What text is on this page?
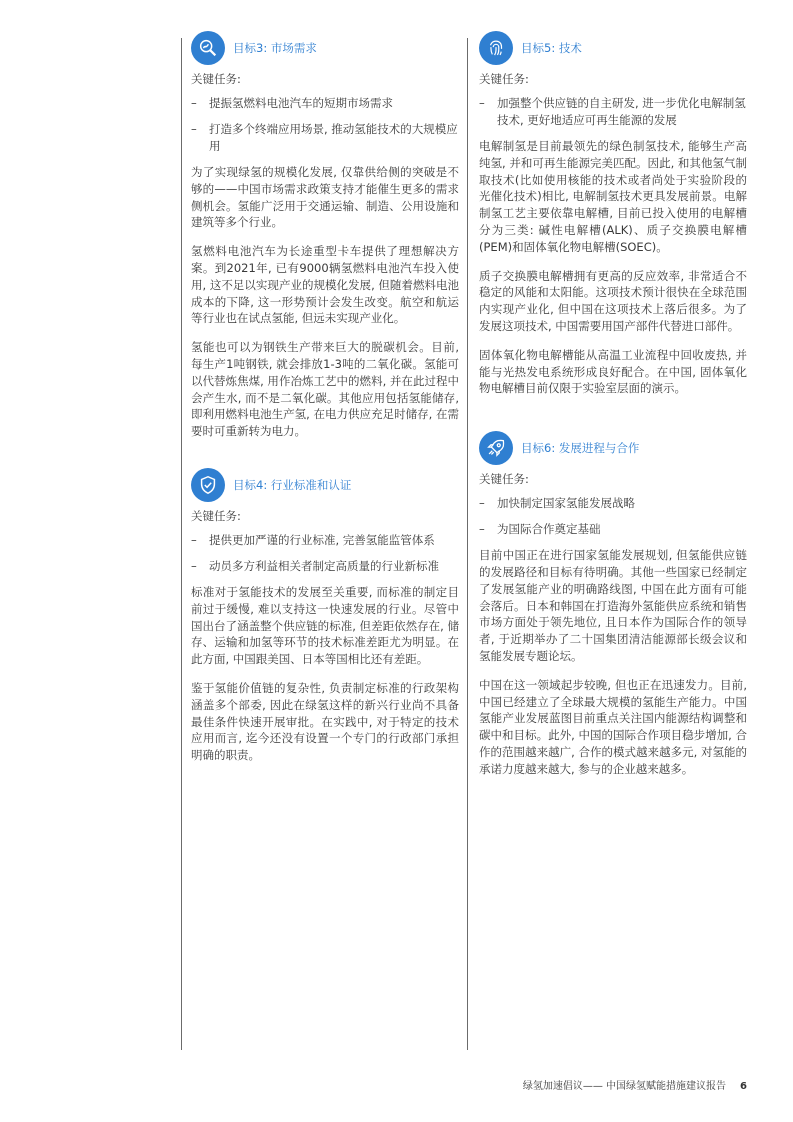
目标3: 市场需求
关键任务:
– 提振氢燃料电池汽车的短期市场需求
– 打造多个终端应用场景, 推动氢能技术的大规模应用

为了实现绿氢的规模化发展, 仅靠供给侧的突破是不够的——中国市场需求政策支持才能催生更多的需求侧机会。氢能广泛用于交通运输、制造、公用设施和建筑等多个行业。

氢燃料电池汽车为长途重型卡车提供了理想解决方案。到2021年, 已有9000辆氢燃料电池汽车投入使用, 这不足以实现产业的规模化发展, 但随着燃料电池成本的下降, 这一形势预计会发生改变。航空和航运等行业也在试点氢能, 但远未实现产业化。

氢能也可以为钢铁生产带来巨大的脱碳机会。目前, 每生产1吨钢铁, 就会排放1-3吨的二氧化碳。氢能可以代替炼焦煤, 用作冶炼工艺中的燃料, 并在此过程中会产生水, 而不是二氧化碳。其他应用包括氢能储存, 即利用燃料电池生产氢, 在电力供应充足时储存, 在需要时可重新转为电力。

目标4: 行业标准和认证
关键任务:
– 提供更加严谨的行业标准, 完善氢能监管体系
– 动员多方利益相关者制定高质量的行业新标准

标准对于氢能技术的发展至关重要, 而标准的制定目前过于缓慢, 难以支持这一快速发展的行业。尽管中国出台了涵盖整个供应链的标准, 但差距依然存在, 储存、运输和加氢等环节的技术标准差距尤为明显。在此方面, 中国跟美国、日本等国相比还有差距。

鉴于氢能价值链的复杂性, 负责制定标准的行政架构涵盖多个部委, 因此在绿氢这样的新兴行业尚不具备最佳条件快速开展审批。在实践中, 对于特定的技术应用而言, 迄今还没有设置一个专门的行政部门承担明确的职责。

目标5: 技术
关键任务:
– 加强整个供应链的自主研发, 进一步优化电解制氢技术, 更好地适应可再生能源的发展

电解制氢是目前最领先的绿色制氢技术, 能够生产高纯氢, 并和可再生能源完美匹配。因此, 和其他氢气制取技术(比如使用核能的技术或者尚处于实验阶段的光催化技术)相比, 电解制氢技术更具发展前景。电解制氢工艺主要依靠电解槽, 目前已投入使用的电解槽分为三类: 碱性电解槽(ALK)、质子交换膜电解槽(PEM)和固体氧化物电解槽(SOEC)。

质子交换膜电解槽拥有更高的反应效率, 非常适合不稳定的风能和太阳能。这项技术预计很快在全球范围内实现产业化, 但中国在这项技术上落后很多。为了发展这项技术, 中国需要用国产部件代替进口部件。

固体氧化物电解槽能从高温工业流程中回收废热, 并能与光热发电系统形成良好配合。在中国, 固体氧化物电解槽目前仅限于实验室层面的演示。

目标6: 发展进程与合作
关键任务:
– 加快制定国家氢能发展战略
– 为国际合作奠定基础

目前中国正在进行国家氢能发展规划, 但氢能供应链的发展路径和目标有待明确。其他一些国家已经制定了发展氢能产业的明确路线图, 中国在此方面有可能会落后。日本和韩国在打造海外氢能供应系统和销售市场方面处于领先地位, 且日本作为国际合作的领导者, 于近期举办了二十国集团清洁能源部长级会议和氢能发展专题论坛。

中国在这一领域起步较晚, 但也正在迅速发力。目前, 中国已经建立了全球最大规模的氢能生产能力。中国氢能产业发展蓝图目前重点关注国内能源结构调整和碳中和目标。此外, 中国的国际合作项目稳步增加, 合作的范围越来越广, 合作的模式越来越多元, 对氢能的承诺力度越来越大, 参与的企业越来越多。

绿氢加速倡议—— 中国绿氢赋能措施建议报告 6
